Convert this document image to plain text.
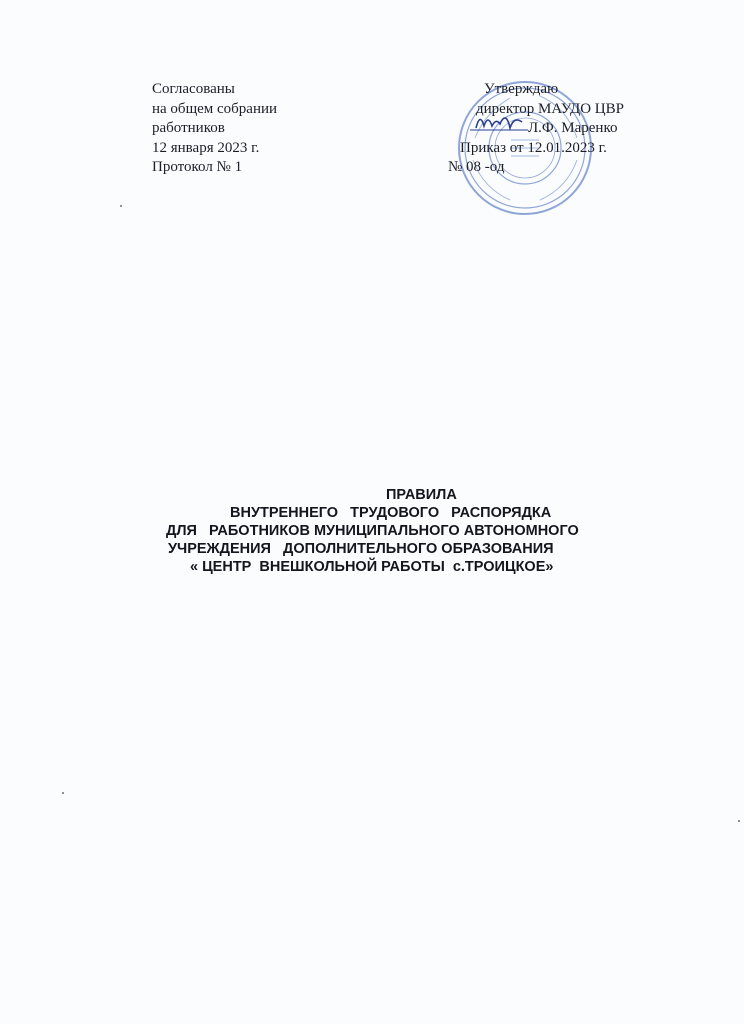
Согласованы
на общем собрании
работников
12 января 2023 г.
Протокол № 1
Утверждаю
директор МАУДО ЦВР
Л.Ф. Маренко
Приказ от 12.01.2023 г.
№ 08 -од
ПРАВИЛА
ВНУТРЕННЕГО   ТРУДОВОГО   РАСПОРЯДКА
ДЛЯ   РАБОТНИКОВ МУНИЦИПАЛЬНОГО АВТОНОМНОГО
УЧРЕЖДЕНИЯ   ДОПОЛНИТЕЛЬНОГО ОБРАЗОВАНИЯ
« ЦЕНТР  ВНЕШКОЛЬНОЙ РАБОТЫ  с.ТРОИЦКОЕ»
